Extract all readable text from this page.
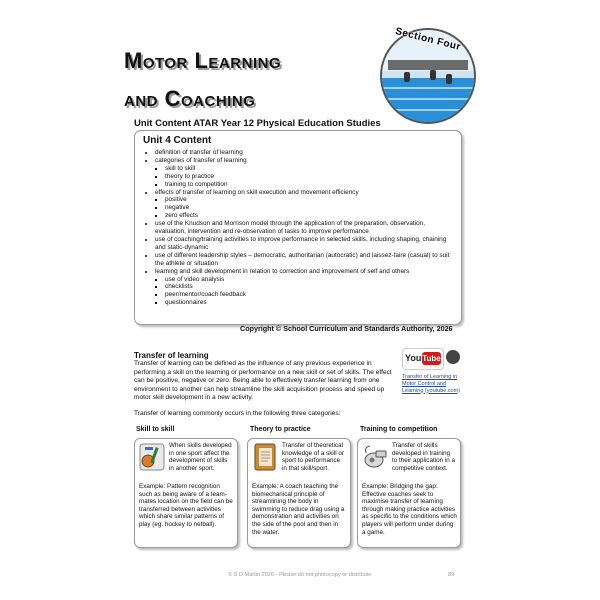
Motor Learning
and Coaching
Section Four
Unit Content ATAR Year 12 Physical Education Studies
Unit 4 Content
• definition of transfer of learning
• categories of transfer of learning
▪ skill to skill
▪ theory to practice
▪ training to competition
• effects of transfer of learning on skill execution and movement efficiency
▪ positive
▪ negative
▪ zero effects
• use of the Knudson and Morrison model through the application of the preparation, observation, evaluation, intervention and re-observation of tasks to improve performance
• use of coaching/training activities to improve performance in selected skills, including shaping, chaining and static-dynamic
• use of different leadership styles – democratic, authoritarian (autocratic) and laissez-faire (casual) to suit the athlete or situation
• learning and skill development in relation to correction and improvement of self and others
▪ use of video analysis
▪ checklists
▪ peer/mentor/coach feedback
▪ questionnaires
Copyright © School Curriculum and Standards Authority, 2026
Transfer of learning
Transfer of learning can be defined as the influence of any previous experience in performing a skill on the learning or performance on a new skill or set of skills. The effect can be positive, negative or zero. Being able to effectively transfer learning from one environment to another can help streamline the skill acquisition process and speed up motor skill development in a new activity.
Transfer of learning commonly occurs in the following three categories:
You Tube
Transfer of Learning in Motor Control and Learning (youtube.com)
Skill to skill	Theory to practice	Training to competition
When skills developed in one sport affect the development of skills in another sport.
Example: Pattern recognition such as being aware of a team-mates location on the field can be transferred between activities which share similar patterns of play (eg. hockey to netball).
Transfer of theoretical knowledge of a skill or sport to performance in that skill/sport.
Example: A coach teaching the biomechanical principle of streamlining the body in swimming to reduce drag using a demonstration and activities on the side of the pool and then in the water.
Transfer of skills developed in training to their application in a competitive context.
Example: Bridging the gap: Effective coaches seek to maximise transfer of learning through making practice activities as specific to the conditions which players will perform under during a game.
© S D Martin 2026 - Please do not photocopy or distribute	89
